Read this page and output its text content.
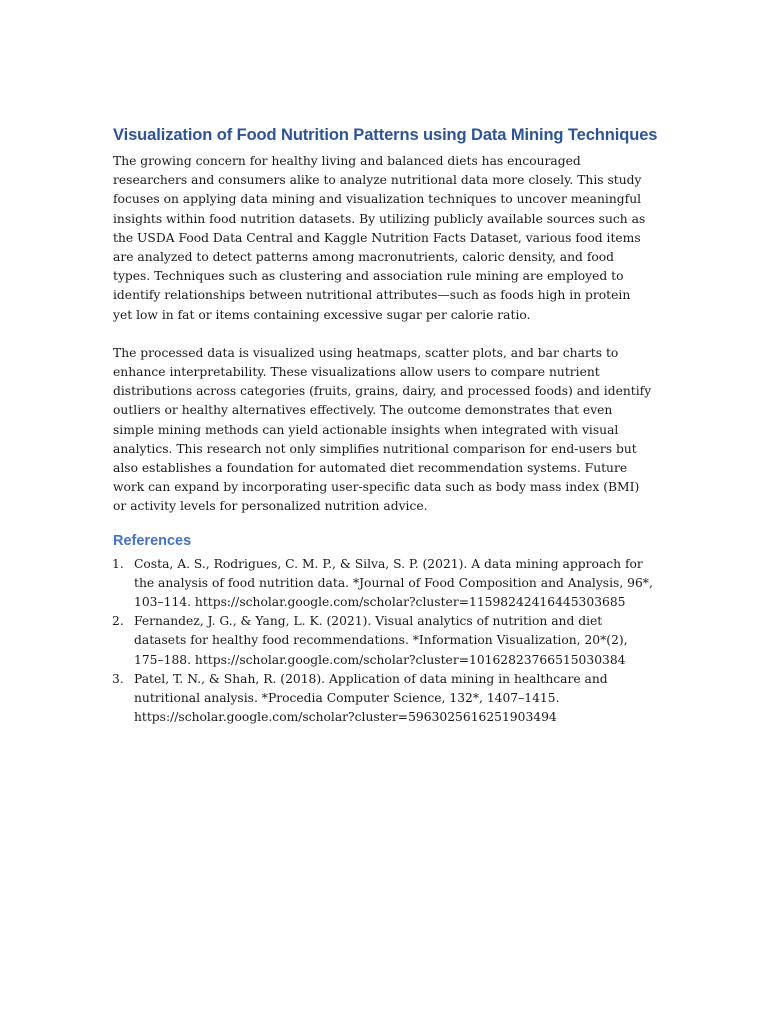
Visualization of Food Nutrition Patterns using Data Mining Techniques

The growing concern for healthy living and balanced diets has encouraged researchers and consumers alike to analyze nutritional data more closely. This study focuses on applying data mining and visualization techniques to uncover meaningful insights within food nutrition datasets. By utilizing publicly available sources such as the USDA Food Data Central and Kaggle Nutrition Facts Dataset, various food items are analyzed to detect patterns among macronutrients, caloric density, and food types. Techniques such as clustering and association rule mining are employed to identify relationships between nutritional attributes—such as foods high in protein yet low in fat or items containing excessive sugar per calorie ratio.

The processed data is visualized using heatmaps, scatter plots, and bar charts to enhance interpretability. These visualizations allow users to compare nutrient distributions across categories (fruits, grains, dairy, and processed foods) and identify outliers or healthy alternatives effectively. The outcome demonstrates that even simple mining methods can yield actionable insights when integrated with visual analytics. This research not only simplifies nutritional comparison for end-users but also establishes a foundation for automated diet recommendation systems. Future work can expand by incorporating user-specific data such as body mass index (BMI) or activity levels for personalized nutrition advice.

References
1. Costa, A. S., Rodrigues, C. M. P., & Silva, S. P. (2021). A data mining approach for the analysis of food nutrition data. *Journal of Food Composition and Analysis, 96*, 103–114. https://scholar.google.com/scholar?cluster=11598242416445303685
2. Fernandez, J. G., & Yang, L. K. (2021). Visual analytics of nutrition and diet datasets for healthy food recommendations. *Information Visualization, 20*(2), 175–188. https://scholar.google.com/scholar?cluster=10162823766515030384
3. Patel, T. N., & Shah, R. (2018). Application of data mining in healthcare and nutritional analysis. *Procedia Computer Science, 132*, 1407–1415. https://scholar.google.com/scholar?cluster=5963025616251903494
